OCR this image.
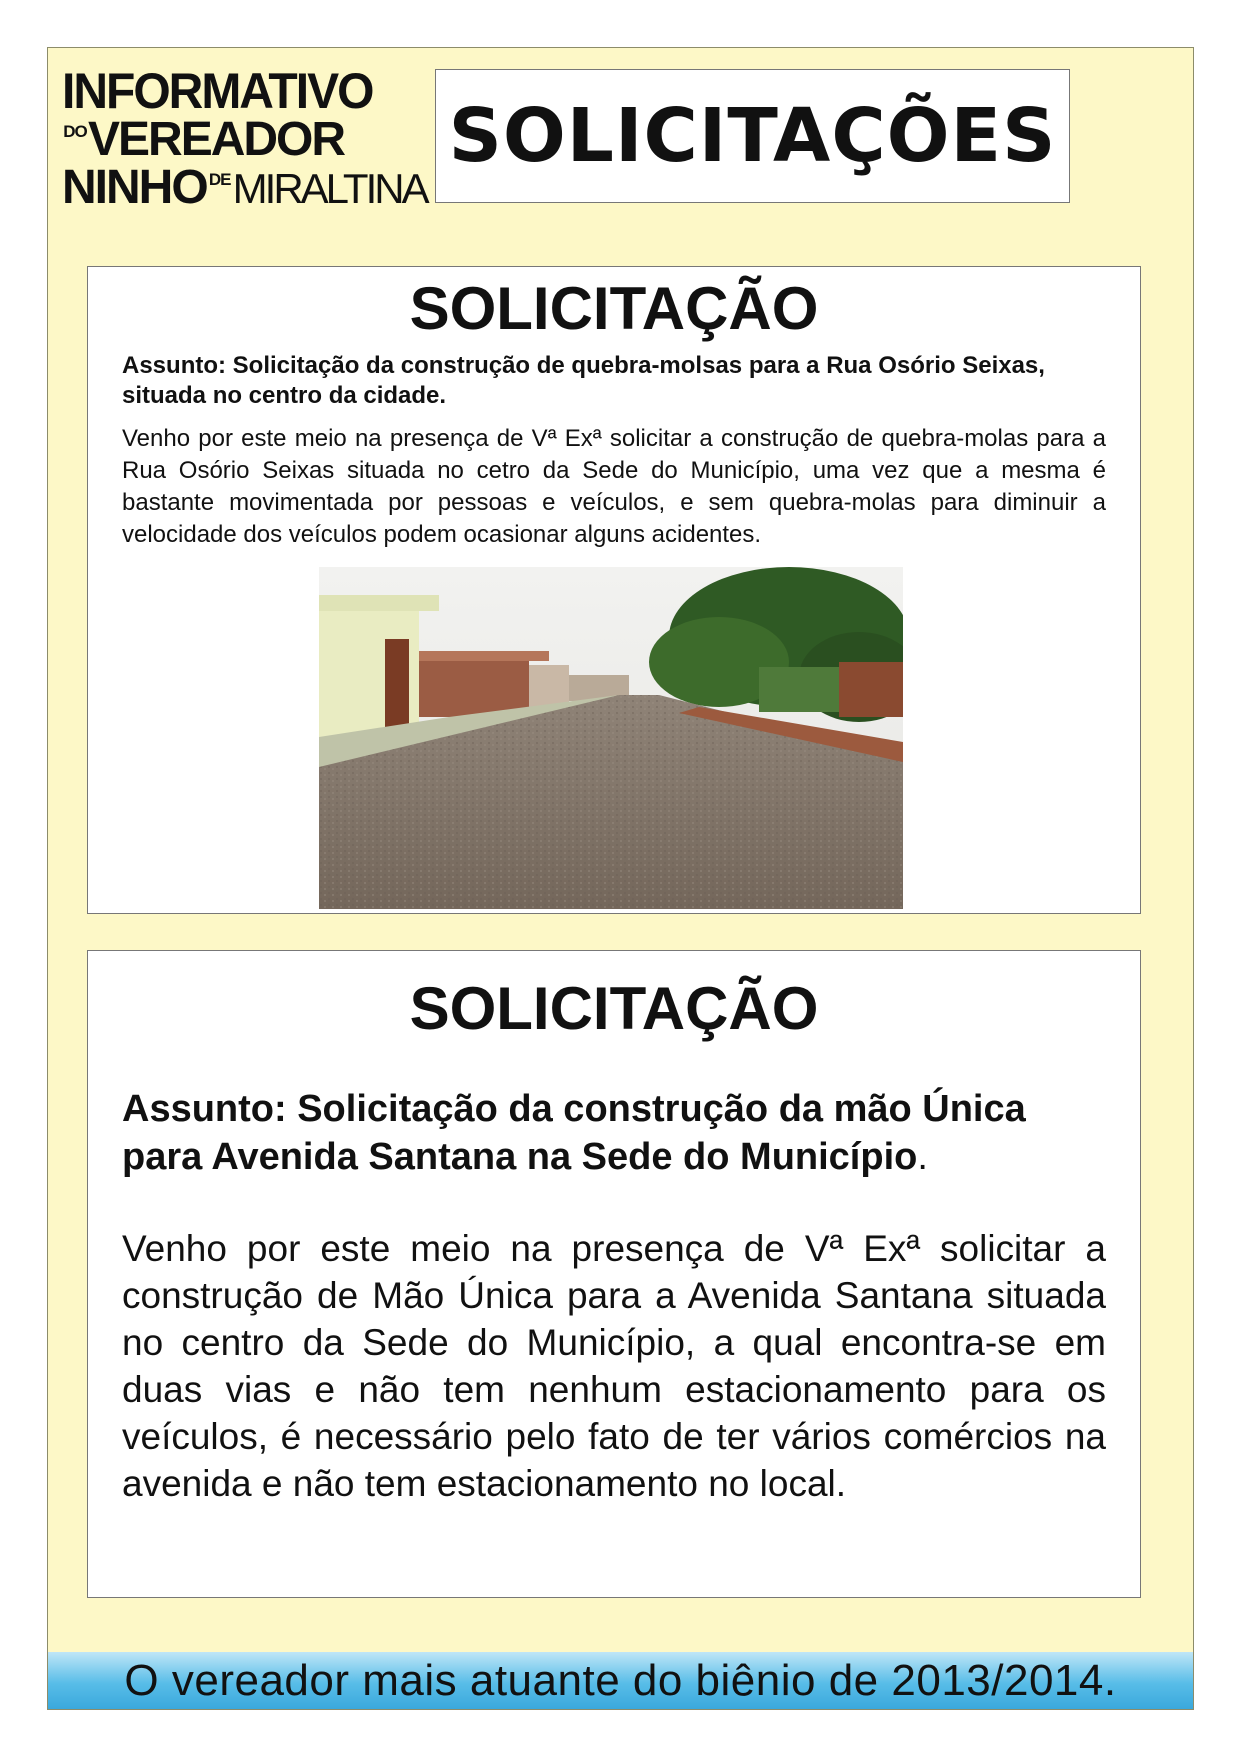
INFORMATIVO
DOVEREADOR
NINHO DEMIRALTINA
SOLICITAÇÕES
SOLICITAÇÃO
Assunto: Solicitação da construção de quebra-molsas para a Rua Osório Seixas, situada no centro da cidade.
Venho por este meio na presença de Vª Exª solicitar a construção de quebra-molas para a Rua Osório Seixas situada no cetro da Sede do Município, uma vez que a mesma é bastante movimentada por pessoas e veículos, e sem quebra-molas para diminuir a velocidade dos veículos podem ocasionar alguns acidentes.
SOLICITAÇÃO
Assunto: Solicitação da construção da mão Única para Avenida Santana na Sede do Município.
Venho por este meio na presença de Vª Exª solicitar a construção de Mão Única para a Avenida Santana situada no centro da Sede do Município, a qual encontra-se em duas vias e não tem nenhum estacionamento para os veículos, é necessário pelo fato de ter vários comércios na avenida e não tem estacionamento no local.
O vereador mais atuante do biênio de 2013/2014.
